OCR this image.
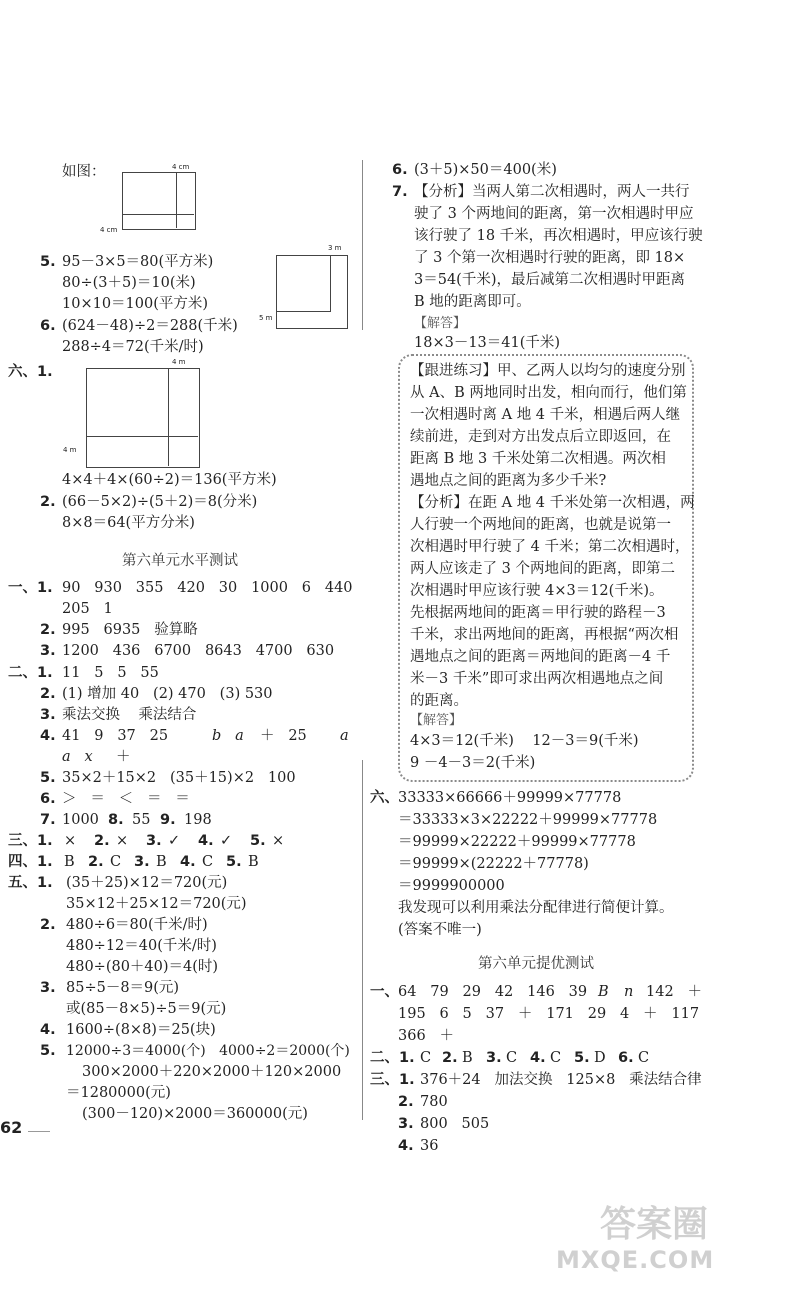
如图：	4 cm
4 cm
5. 95－3×5＝80(平方米)
80÷(3＋5)＝10(米)
10×10＝100(平方米)
3 m
5 m
6. (624－48)÷2＝288(千米)
288÷4＝72(千米/时)
六、1.
4 m
4 m
4×4＋4×(60÷2)＝136(平方米)
2. (66－5×2)÷(5＋2)＝8(分米)
8×8＝64(平方分米)
第六单元水平测试
一、1. 90   930   355   420   30   1000   6   440
205   1
2. 995   6935   验算略
3. 1200   436   6700   8643   4700   630
二、1. 11   5   5   55
2. (1) 增加 40   (2) 470   (3) 530
3. 乘法交换    乘法结合
4. 41   9   37   25	b   a ＋   25 a
a   x ＋
5. 35×2＋15×2   (35＋15)×2   100
6. ＞   ＝   ＜   ＝   ＝
7. 1000 8. 55 9. 198
三、1. × 2. × 3. ✓ 4. ✓ 5. ×
四、1. B 2. C 3. B 4. C 5. B
五、1. (35＋25)×12＝720(元)
35×12＋25×12＝720(元)
2. 480÷6＝80(千米/时)
480÷12＝40(千米/时)
480÷(80＋40)＝4(时)
3. 85÷5－8＝9(元)
或(85－8×5)÷5＝9(元)
4. 1600÷(8×8)＝25(块)
5. 12000÷3＝4000(个)   4000÷2＝2000(个)
300×2000＋220×2000＋120×2000
＝1280000(元)
(300－120)×2000＝360000(元)
62
6. (3＋5)×50＝400(米)
7. 【分析】当两人第二次相遇时，两人一共行
驶了 3 个两地间的距离，第一次相遇时甲应
该行驶了 18 千米，再次相遇时，甲应该行驶
了 3 个第一次相遇时行驶的距离，即 18×
3＝54(千米)，最后减第二次相遇时甲距离
B 地的距离即可。
【解答】
18×3－13＝41(千米)
【跟进练习】甲、乙两人以均匀的速度分别
从 A、B 两地同时出发，相向而行，他们第
一次相遇时离 A 地 4 千米，相遇后两人继
续前进，走到对方出发点后立即返回，在
距离 B 地 3 千米处第二次相遇。两次相
遇地点之间的距离为多少千米?
【分析】在距 A 地 4 千米处第一次相遇，两
人行驶一个两地间的距离，也就是说第一
次相遇时甲行驶了 4 千米；第二次相遇时，
两人应该走了 3 个两地间的距离，即第二
次相遇时甲应该行驶 4×3＝12(千米)。
先根据两地间的距离＝甲行驶的路程－3
千米，求出两地间的距离，再根据“两次相
遇地点之间的距离＝两地间的距离－4 千
米－3 千米”即可求出两次相遇地点之间
的距离。
【解答】
4×3＝12(千米)    12－3＝9(千米)
9 －4－3＝2(千米)
六、 33333×66666＋99999×77778
＝33333×3×22222＋99999×77778
＝99999×22222＋99999×77778
＝99999×(22222＋77778)
＝9999900000
我发现可以利用乘法分配律进行简便计算。
(答案不唯一)
第六单元提优测试
一、 64   79   29   42   146   39 B n 142   ＋
195   6   5   37   ＋   171   29   4   ＋   117
366   ＋
二、1. C 2. B 3. C 4. C 5. D 6. C
三、1. 376＋24   加法交换   125×8   乘法结合律
2. 780
3. 800   505
4. 36
答案圈
MXQE.COM
